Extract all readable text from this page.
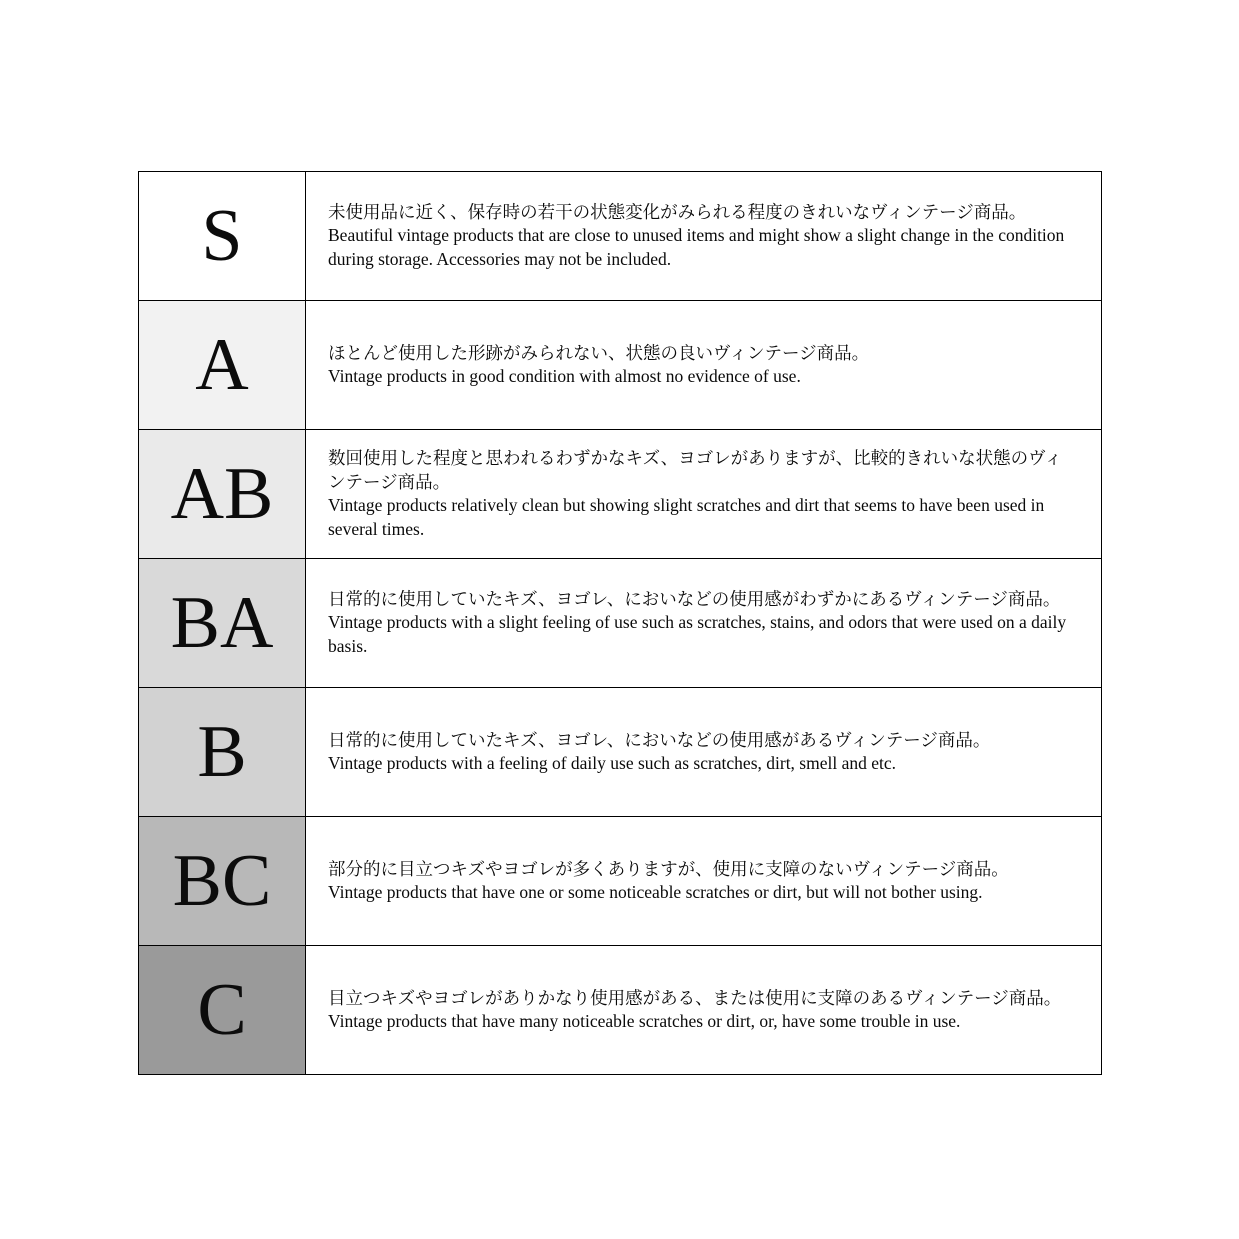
S	未使用品に近く、保存時の若干の状態変化がみられる程度のきれいなヴィンテージ商品。

Beautiful vintage products that are close to unused items and might show a slight change in the condition during storage. Accessories may not be included.

A	ほとんど使用した形跡がみられない、状態の良いヴィンテージ商品。

Vintage products in good condition with almost no evidence of use.

AB	数回使用した程度と思われるわずかなキズ、ヨゴレがありますが、比較的きれいな状態のヴィンテージ商品。

Vintage products relatively clean but showing slight scratches and dirt that seems to have been used in several times.

BA	日常的に使用していたキズ、ヨゴレ、においなどの使用感がわずかにあるヴィンテージ商品。

Vintage products with a slight feeling of use such as scratches, stains, and odors that were used on a daily basis.

B	日常的に使用していたキズ、ヨゴレ、においなどの使用感があるヴィンテージ商品。

Vintage products with a feeling of daily use such as scratches, dirt, smell and etc.

BC	部分的に目立つキズやヨゴレが多くありますが、使用に支障のないヴィンテージ商品。

Vintage products that have one or some noticeable scratches or dirt, but will not bother using.

C	目立つキズやヨゴレがありかなり使用感がある、または使用に支障のあるヴィンテージ商品。

Vintage products that have many noticeable scratches or dirt, or, have some trouble in use.
